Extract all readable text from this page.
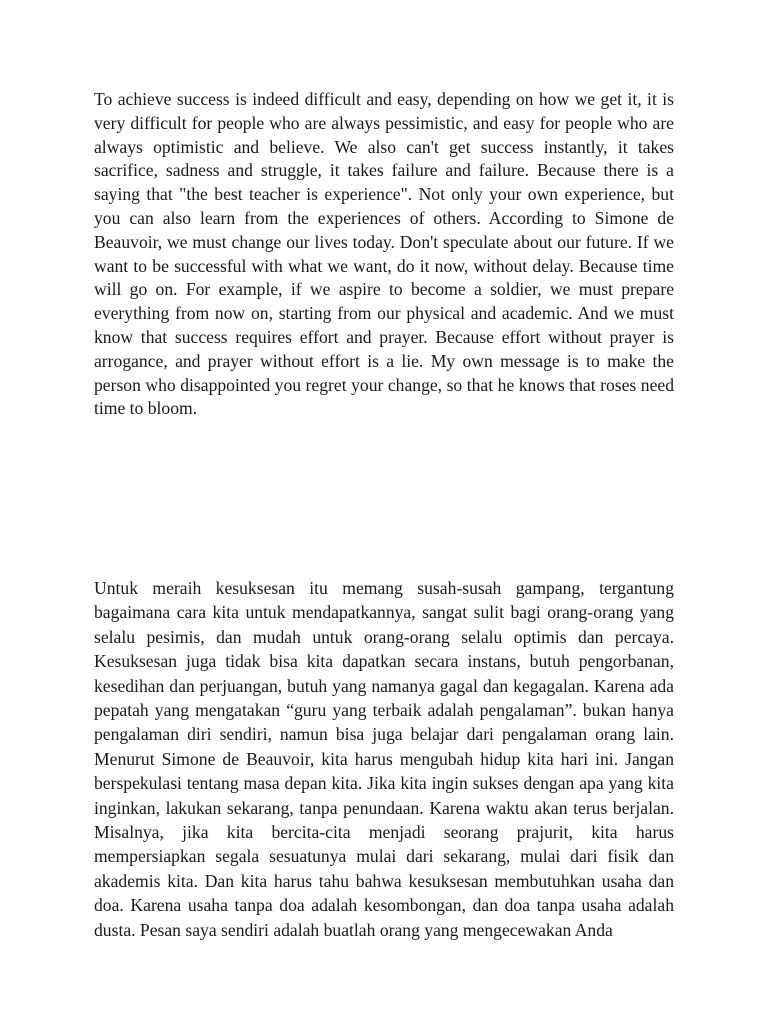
To achieve success is indeed difficult and easy, depending on how we get it, it is very difficult for people who are always pessimistic, and easy for people who are always optimistic and believe. We also can't get success instantly, it takes sacrifice, sadness and struggle, it takes failure and failure. Because there is a saying that "the best teacher is experience". Not only your own experience, but you can also learn from the experiences of others. According to Simone de Beauvoir, we must change our lives today. Don't speculate about our future. If we want to be successful with what we want, do it now, without delay. Because time will go on. For example, if we aspire to become a soldier, we must prepare everything from now on, starting from our physical and academic. And we must know that success requires effort and prayer. Because effort without prayer is arrogance, and prayer without effort is a lie. My own message is to make the person who disappointed you regret your change, so that he knows that roses need time to bloom.

Untuk meraih kesuksesan itu memang susah-susah gampang, tergantung bagaimana cara kita untuk mendapatkannya, sangat sulit bagi orang-orang yang selalu pesimis, dan mudah untuk orang-orang selalu optimis dan percaya. Kesuksesan juga tidak bisa kita dapatkan secara instans, butuh pengorbanan, kesedihan dan perjuangan, butuh yang namanya gagal dan kegagalan. Karena ada pepatah yang mengatakan “guru yang terbaik adalah pengalaman”. bukan hanya pengalaman diri sendiri, namun bisa juga belajar dari pengalaman orang lain. Menurut Simone de Beauvoir, kita harus mengubah hidup kita hari ini. Jangan berspekulasi tentang masa depan kita. Jika kita ingin sukses dengan apa yang kita inginkan, lakukan sekarang, tanpa penundaan. Karena waktu akan terus berjalan. Misalnya, jika kita bercita-cita menjadi seorang prajurit, kita harus mempersiapkan segala sesuatunya mulai dari sekarang, mulai dari fisik dan akademis kita. Dan kita harus tahu bahwa kesuksesan membutuhkan usaha dan doa. Karena usaha tanpa doa adalah kesombongan, dan doa tanpa usaha adalah dusta. Pesan saya sendiri adalah buatlah orang yang mengecewakan Anda
